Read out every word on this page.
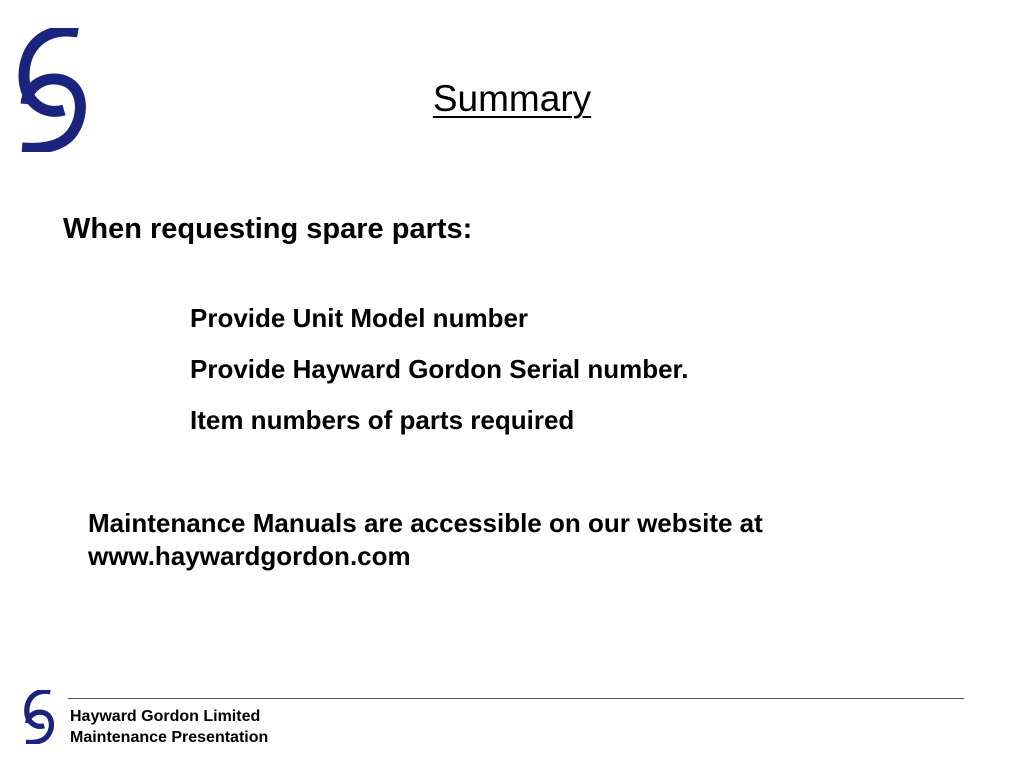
Summary
When requesting spare parts:
Provide Unit Model number
Provide Hayward Gordon Serial number.
Item numbers of parts required
Maintenance Manuals are accessible on our website at
www.haywardgordon.com
Hayward Gordon Limited
Maintenance Presentation
